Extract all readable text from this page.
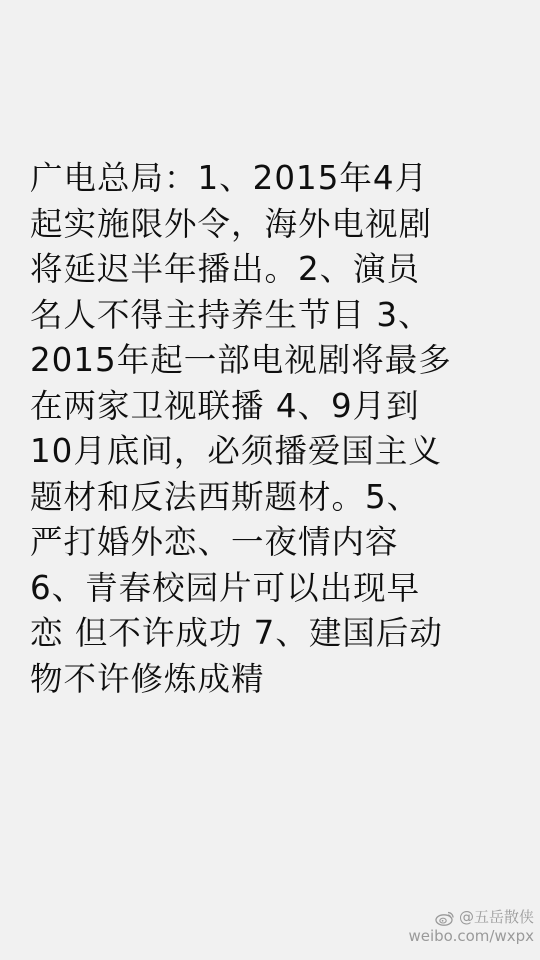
广电总局：1、2015年4月
起实施限外令，海外电视剧
将延迟半年播出。2、演员
名人不得主持养生节目 3、
2015年起一部电视剧将最多
在两家卫视联播 4、9月到
10月底间，必须播爱国主义
题材和反法西斯题材。5、
严打婚外恋、一夜情内容
6、青春校园片可以出现早
恋 但不许成功 7、建国后动
物不许修炼成精
@五岳散侠
weibo.com/wxpx
